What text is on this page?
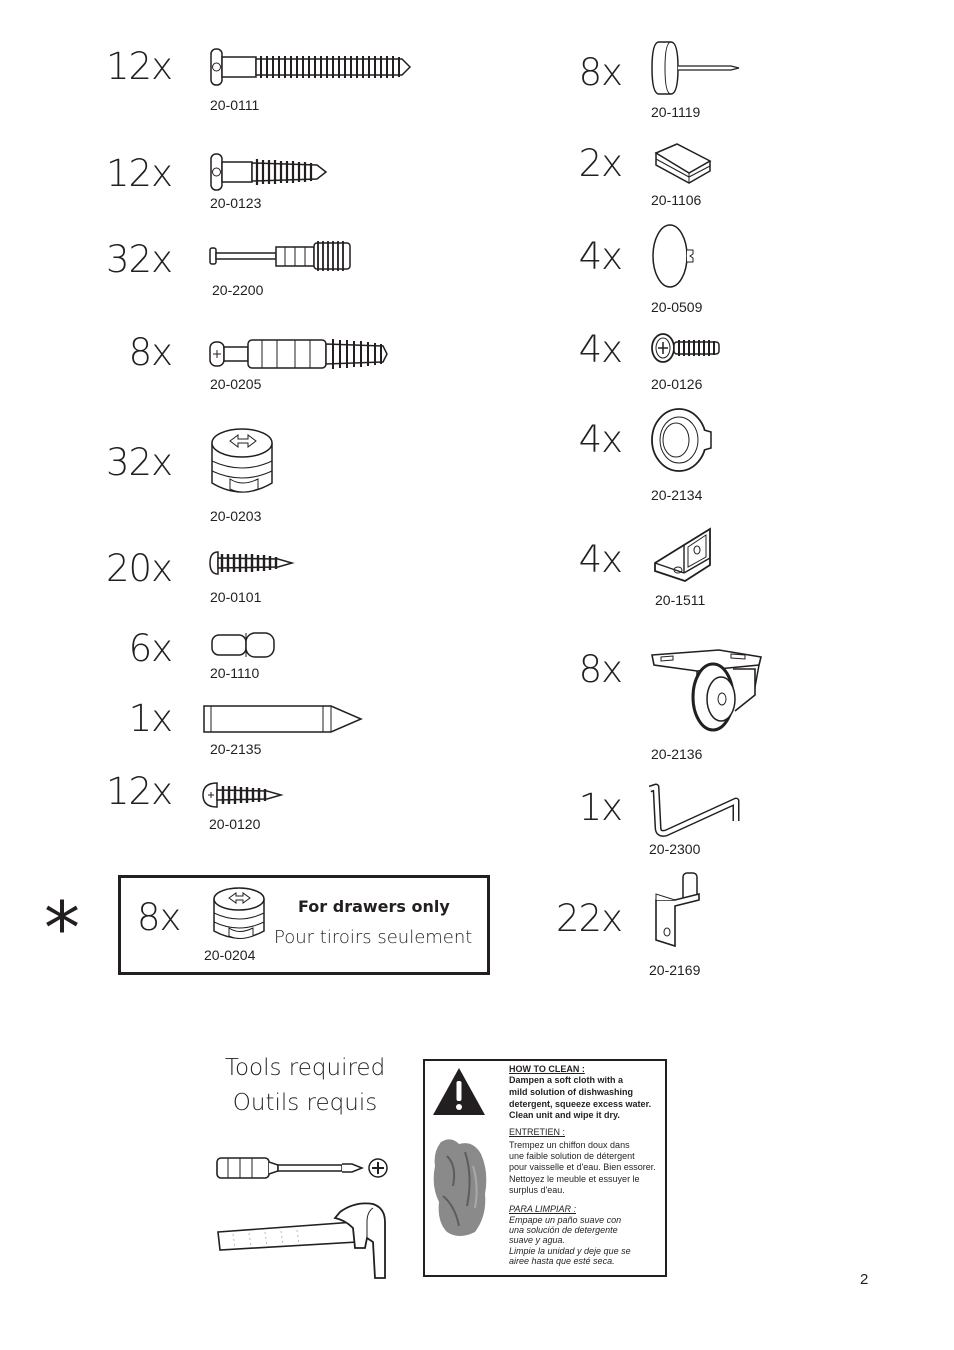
12x
20-0111
12x
20-0123
32x
20-2200
8x
20-0205
32x
20-0203
20x
20-0101
6x
20-1110
1x
20-2135
12x
20-0120
8x
20-1119
2x
20-1106
4x
20-0509
4x
20-0126
4x
20-2134
4x
20-1511
8x
20-2136
1x
20-2300
22x
20-2169
* 8x
20-0204
For drawers only
Pour tiroirs seulement
Tools required
Outils requis
HOW TO CLEAN :
Dampen a soft cloth with a
mild solution of dishwashing
detergent, squeeze excess water.
Clean unit and wipe it dry.
ENTRETIEN :
Trempez un chiffon doux dans
une faible solution de détergent
pour vaisselle et d'eau. Bien essorer.
Nettoyez le meuble et essuyer le
surplus d'eau.
PARA LIMPIAR :
Empape un paño suave con
una solución de detergente
suave y agua.
Limpie la unidad y deje que se
airee hasta que esté seca.
2
